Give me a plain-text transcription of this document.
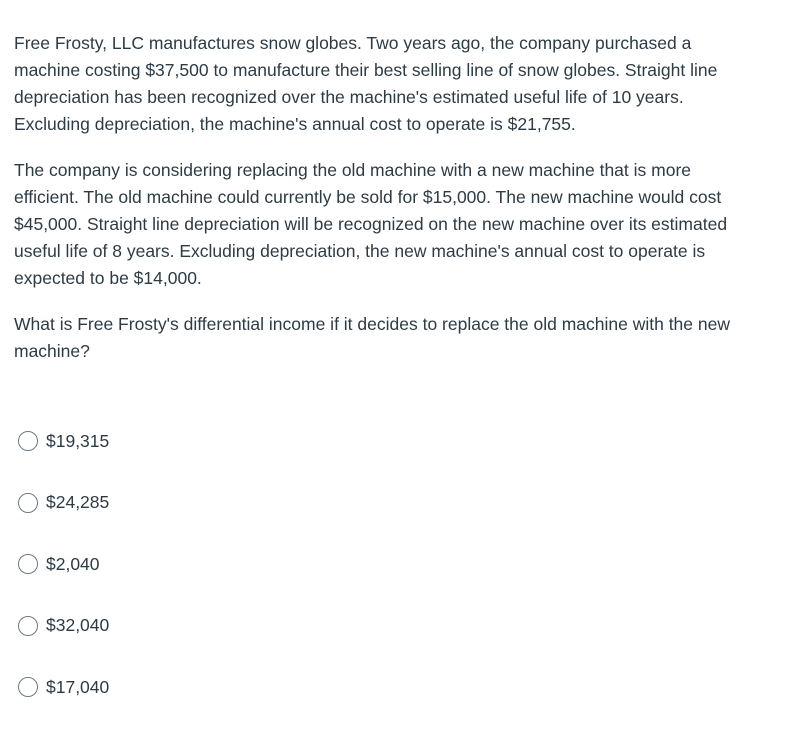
Free Frosty, LLC manufactures snow globes. Two years ago, the company purchased a machine costing $37,500 to manufacture their best selling line of snow globes. Straight line depreciation has been recognized over the machine's estimated useful life of 10 years. Excluding depreciation, the machine's annual cost to operate is $21,755.

The company is considering replacing the old machine with a new machine that is more efficient. The old machine could currently be sold for $15,000. The new machine would cost $45,000. Straight line depreciation will be recognized on the new machine over its estimated useful life of 8 years. Excluding depreciation, the new machine's annual cost to operate is expected to be $14,000.

What is Free Frosty's differential income if it decides to replace the old machine with the new machine?

$19,315
$24,285
$2,040
$32,040
$17,040
